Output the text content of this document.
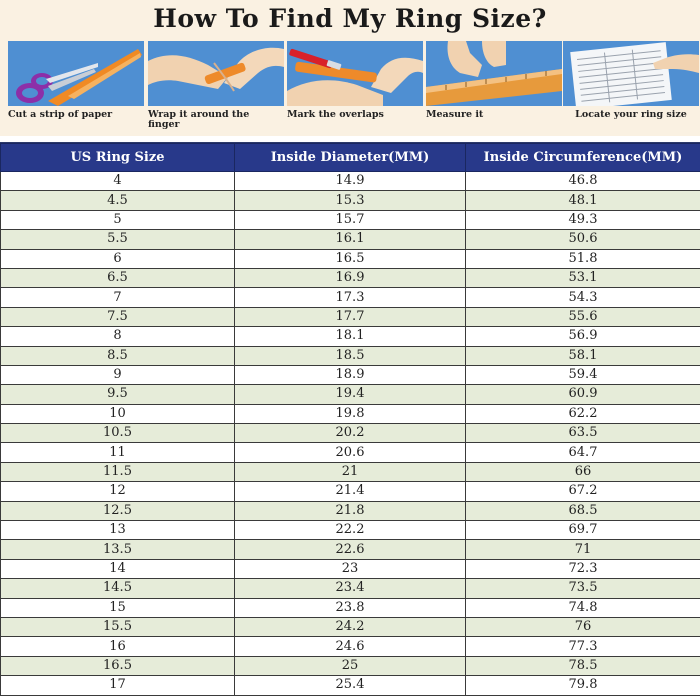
How To Find My Ring Size?
Cut a strip of paper	Wrap it around the finger
Mark the overlaps	Measure it	Locate your ring size
US Ring Size	Inside Diameter(MM)	Inside Circumference(MM)
4	14.9	46.8
4.5	15.3	48.1
5	15.7	49.3
5.5	16.1	50.6
6	16.5	51.8
6.5	16.9	53.1
7	17.3	54.3
7.5	17.7	55.6
8	18.1	56.9
8.5	18.5	58.1
9	18.9	59.4
9.5	19.4	60.9
10	19.8	62.2
10.5	20.2	63.5
11	20.6	64.7
11.5	21	66
12	21.4	67.2
12.5	21.8	68.5
13	22.2	69.7
13.5	22.6	71
14	23	72.3
14.5	23.4	73.5
15	23.8	74.8
15.5	24.2	76
16	24.6	77.3
16.5	25	78.5
17	25.4	79.8
